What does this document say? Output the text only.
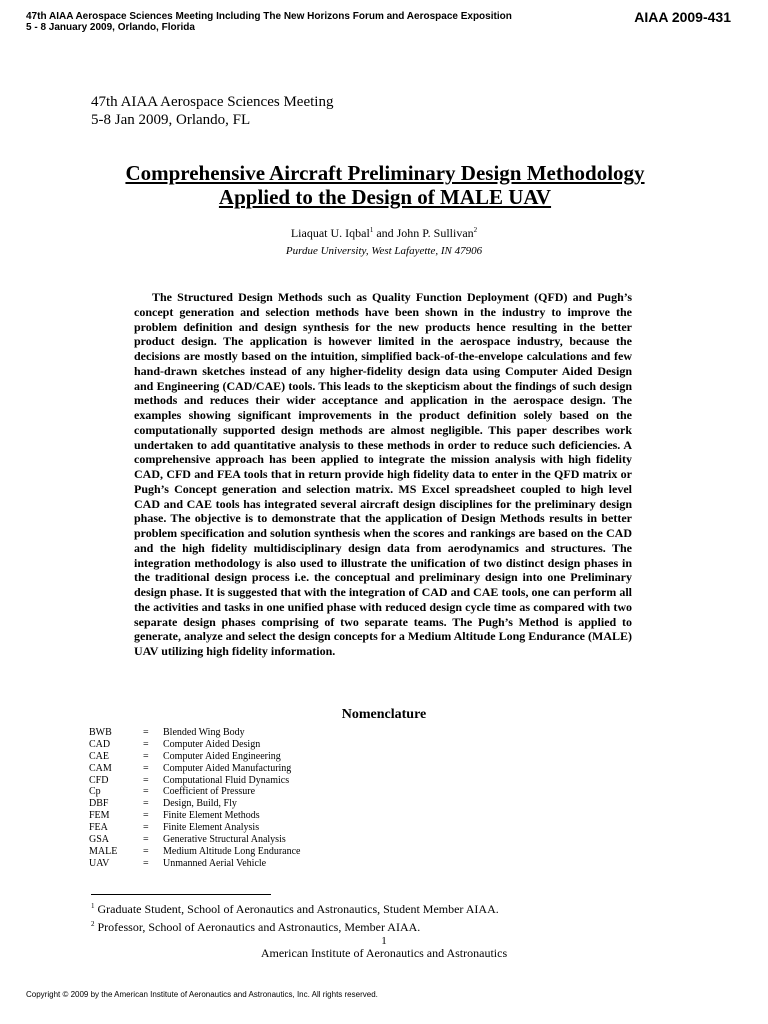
47th AIAA Aerospace Sciences Meeting Including The New Horizons Forum and Aerospace Exposition
5 - 8 January 2009, Orlando, Florida
AIAA 2009-431
47th AIAA Aerospace Sciences Meeting
5-8 Jan 2009, Orlando, FL
Comprehensive Aircraft Preliminary Design Methodology
Applied to the Design of MALE UAV
Liaquat U. Iqbal$^1$ and John P. Sullivan$^2$
Purdue University, West Lafayette, IN 47906

The Structured Design Methods such as Quality Function Deployment (QFD) and Pugh’s concept generation and selection methods have been shown in the industry to improve the problem definition and design synthesis for the new products hence resulting in the better product design. The application is however limited in the aerospace industry, because the decisions are mostly based on the intuition, simplified back-of-the-envelope calculations and few hand-drawn sketches instead of any higher-fidelity design data using Computer Aided Design and Engineering (CAD/CAE) tools. This leads to the skepticism about the findings of such design methods and reduces their wider acceptance and application in the aerospace design. The examples showing significant improvements in the product definition solely based on the computationally supported design methods are almost negligible. This paper describes work undertaken to add quantitative analysis to these methods in order to reduce such deficiencies. A comprehensive approach has been applied to integrate the mission analysis with high fidelity CAD, CFD and FEA tools that in return provide high fidelity data to enter in the QFD matrix or Pugh’s Concept generation and selection matrix. MS Excel spreadsheet coupled to high level CAD and CAE tools has integrated several aircraft design disciplines for the preliminary design phase. The objective is to demonstrate that the application of Design Methods results in better problem specification and solution synthesis when the scores and rankings are based on the CAD and the high fidelity multidisciplinary design data from aerodynamics and structures. The integration methodology is also used to illustrate the unification of two distinct design phases in the traditional design process i.e. the conceptual and preliminary design into one Preliminary design phase. It is suggested that with the integration of CAD and CAE tools, one can perform all the activities and tasks in one unified phase with reduced design cycle time as compared with two separate design phases comprising of two separate teams. The Pugh’s Method is applied to generate, analyze and select the design concepts for a Medium Altitude Long Endurance (MALE) UAV utilizing high fidelity information.

Nomenclature
BWB	=	Blended Wing Body
CAD	=	Computer Aided Design
CAE	=	Computer Aided Engineering
CAM	=	Computer Aided Manufacturing
CFD	=	Computational Fluid Dynamics
Cp	=	Coefficient of Pressure
DBF	=	Design, Build, Fly
FEM	=	Finite Element Methods
FEA	=	Finite Element Analysis
GSA	=	Generative Structural Analysis
MALE	=	Medium Altitude Long Endurance
UAV	=	Unmanned Aerial Vehicle
$^1$ Graduate Student, School of Aeronautics and Astronautics, Student Member AIAA.
$^2$ Professor, School of Aeronautics and Astronautics, Member AIAA.
1
American Institute of Aeronautics and Astronautics
Copyright © 2009 by the American Institute of Aeronautics and Astronautics, Inc. All rights reserved.
